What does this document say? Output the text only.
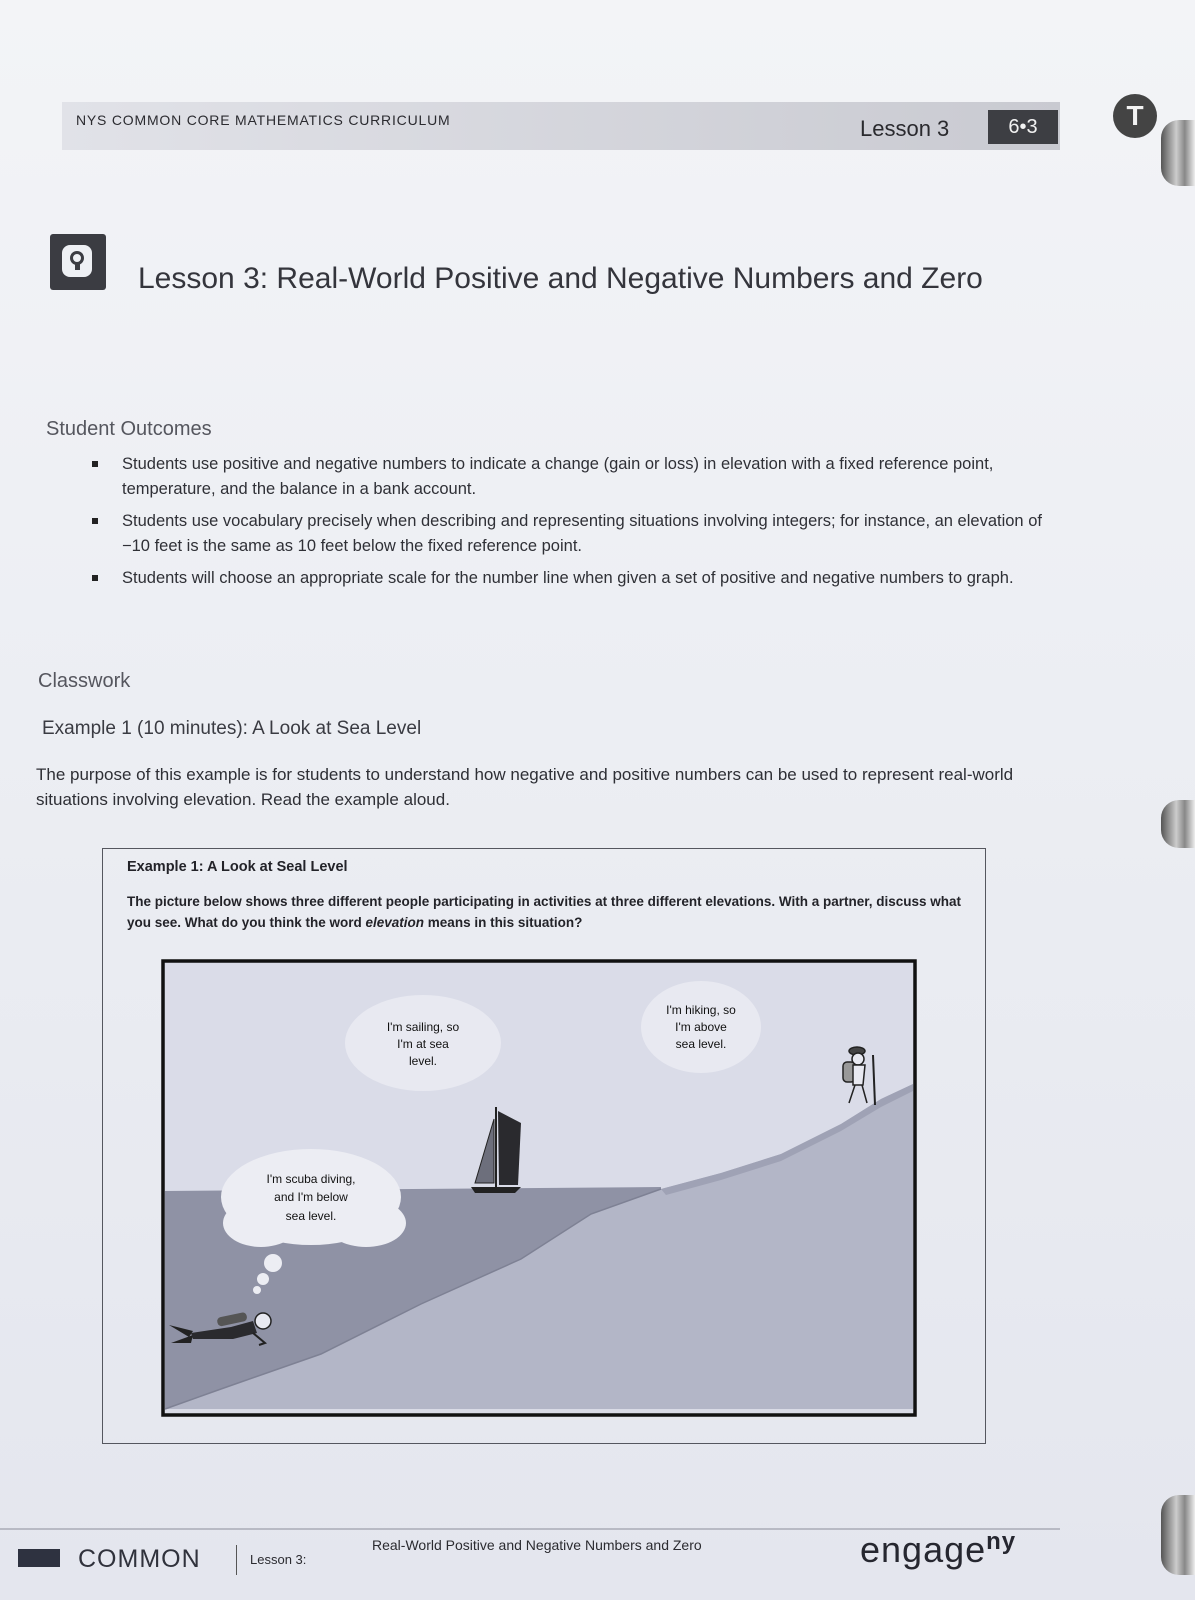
NYS COMMON CORE MATHEMATICS CURRICULUM	Lesson 3	6•3	T
Lesson 3: Real-World Positive and Negative Numbers and Zero
Student Outcomes
Students use positive and negative numbers to indicate a change (gain or loss) in elevation with a fixed reference point, temperature, and the balance in a bank account.
Students use vocabulary precisely when describing and representing situations involving integers; for instance, an elevation of −10 feet is the same as 10 feet below the fixed reference point.
Students will choose an appropriate scale for the number line when given a set of positive and negative numbers to graph.
Classwork
Example 1 (10 minutes): A Look at Sea Level
The purpose of this example is for students to understand how negative and positive numbers can be used to represent real-world situations involving elevation. Read the example aloud.
Example 1: A Look at Seal Level
The picture below shows three different people participating in activities at three different elevations. With a partner, discuss what you see. What do you think the word elevation means in this situation?
I'm sailing, so
I'm at sea
level.
I'm hiking, so
I'm above
sea level.
I'm scuba diving,
and I'm below
sea level.
COMMON	Lesson 3:
Real-World Positive and Negative Numbers and Zero	engage$^{ny}$
